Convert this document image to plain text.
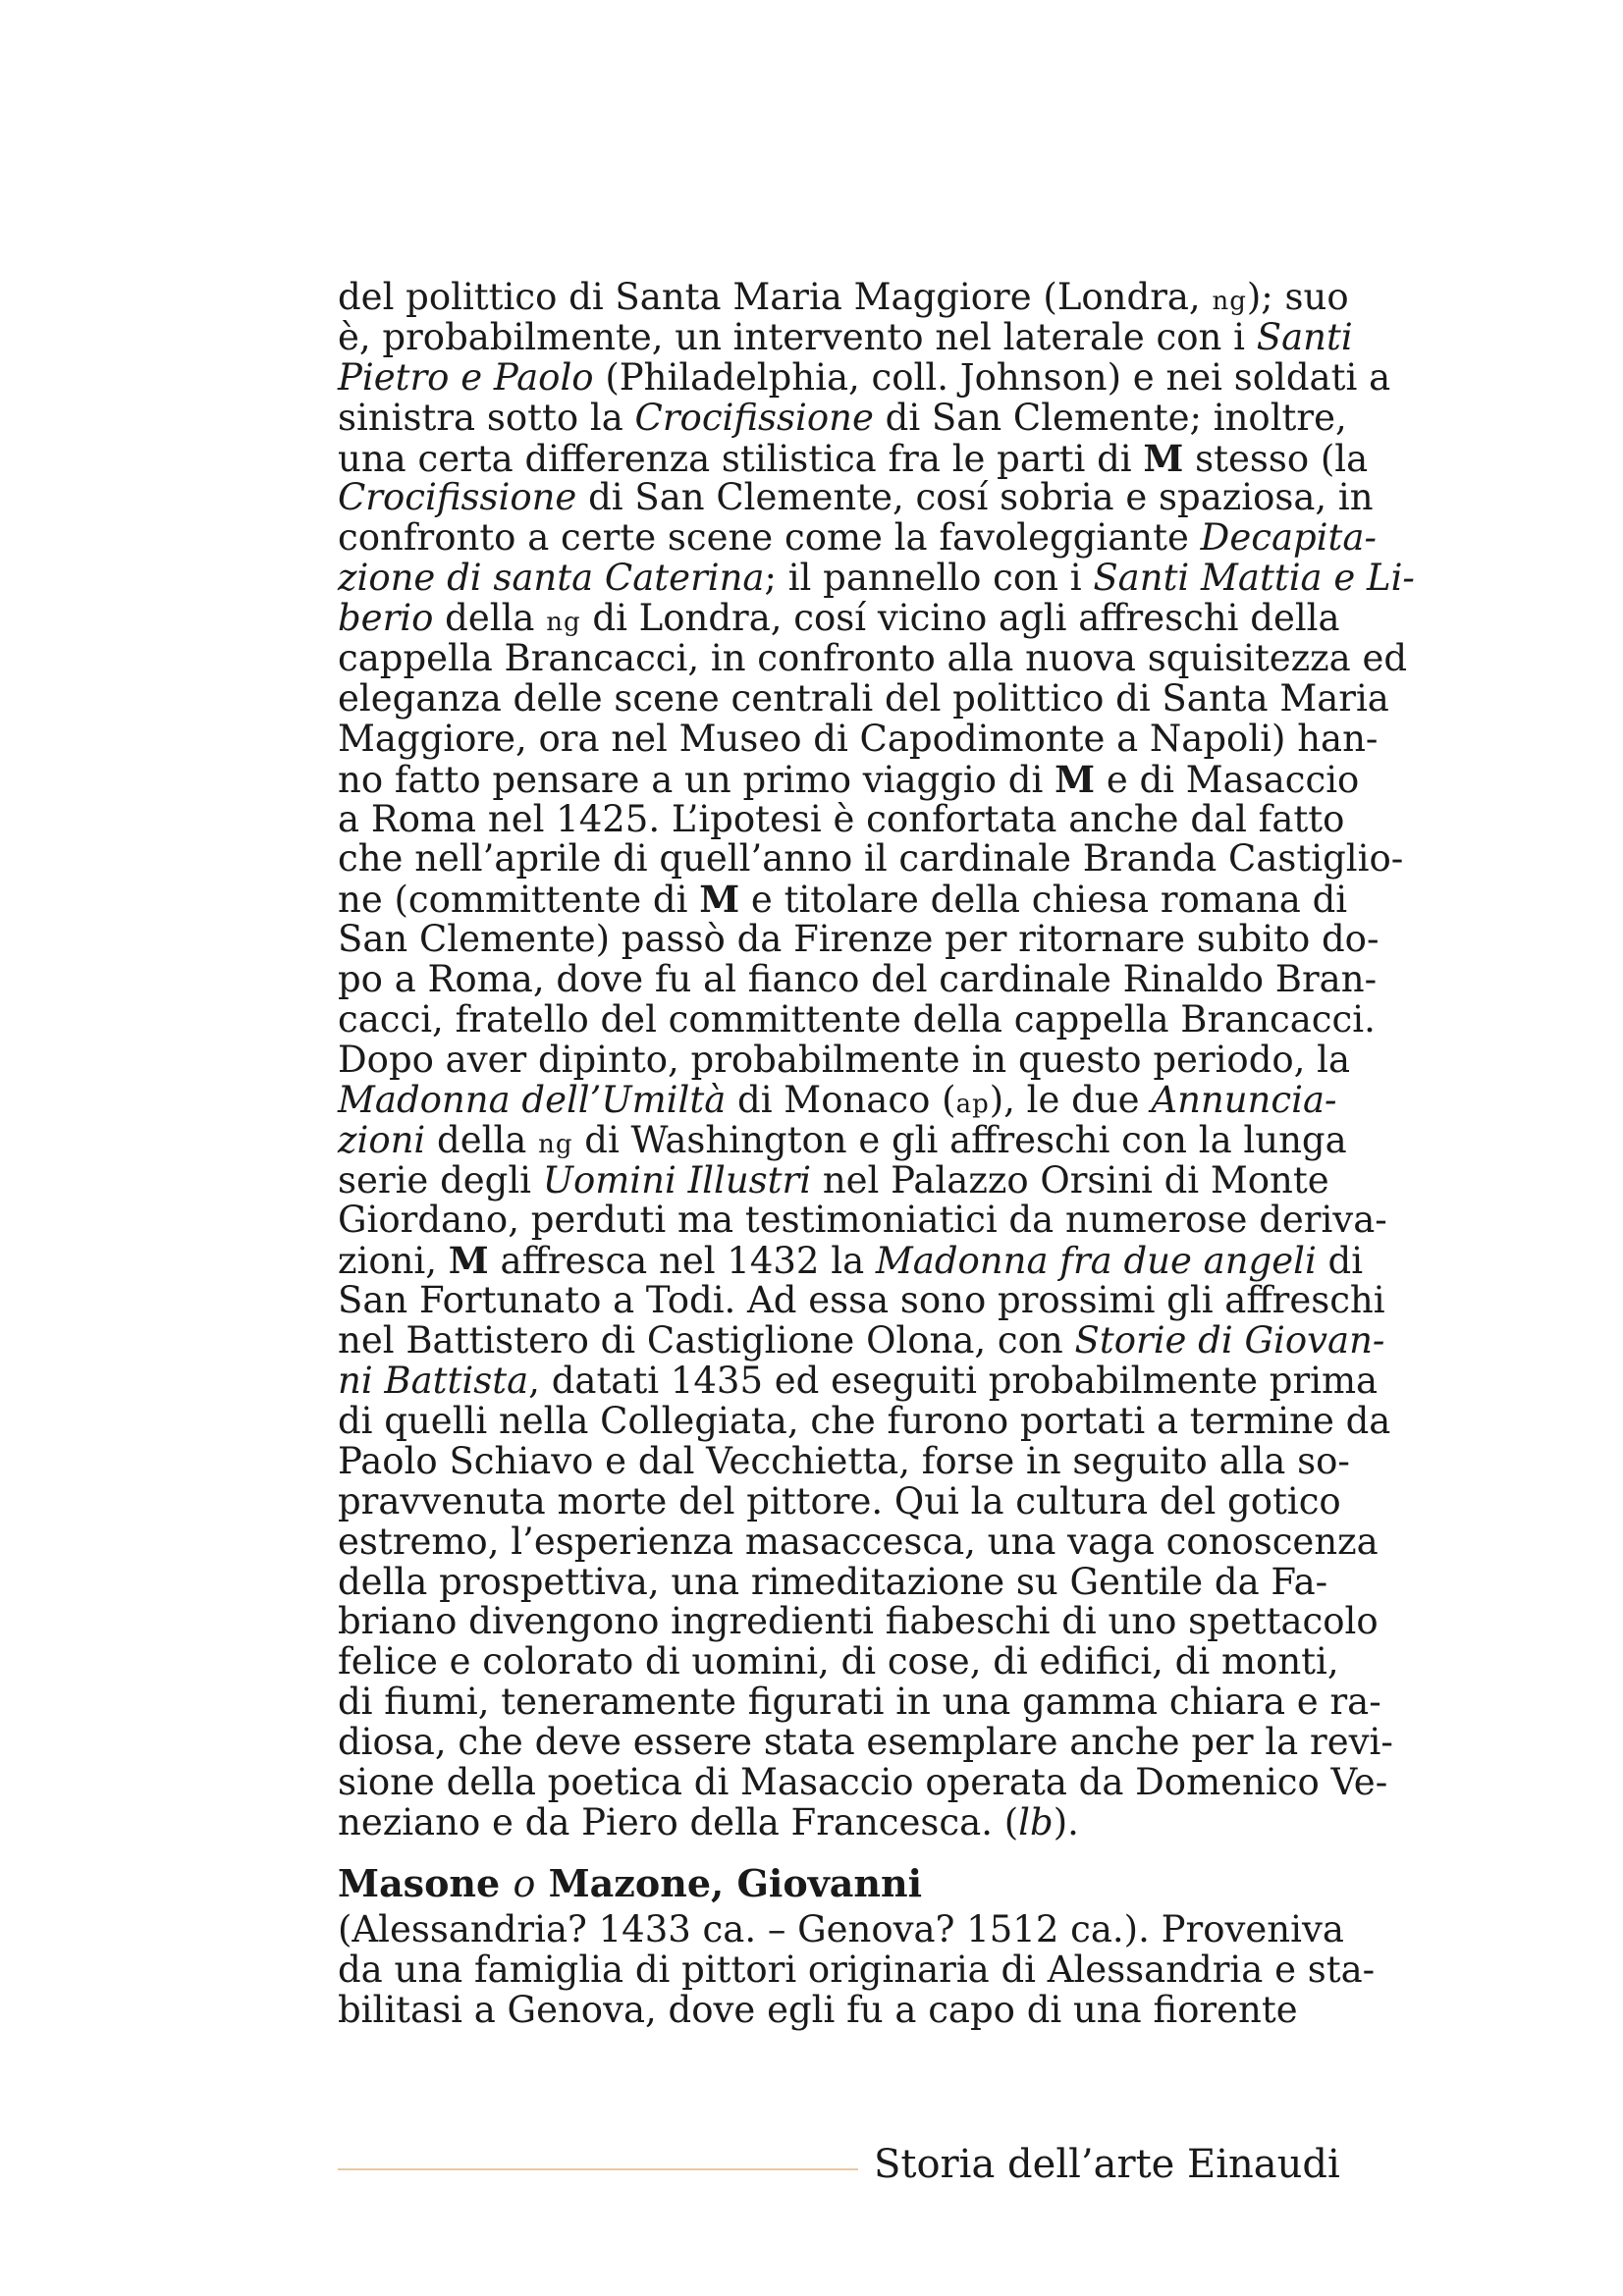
del polittico di Santa Maria Maggiore (Londra, ng); suo
è, probabilmente, un intervento nel laterale con i Santi
Pietro e Paolo (Philadelphia, coll. Johnson) e nei soldati a
sinistra sotto la Crocifissione di San Clemente; inoltre,
una certa differenza stilistica fra le parti di M stesso (la
Crocifissione di San Clemente, cosí sobria e spaziosa, in
confronto a certe scene come la favoleggiante Decapita-
zione di santa Caterina; il pannello con i Santi Mattia e Li-
berio della ng di Londra, cosí vicino agli affreschi della
cappella Brancacci, in confronto alla nuova squisitezza ed
eleganza delle scene centrali del polittico di Santa Maria
Maggiore, ora nel Museo di Capodimonte a Napoli) han-
no fatto pensare a un primo viaggio di M e di Masaccio
a Roma nel 1425. L’ipotesi è confortata anche dal fatto
che nell’aprile di quell’anno il cardinale Branda Castiglio-
ne (committente di M e titolare della chiesa romana di
San Clemente) passò da Firenze per ritornare subito do-
po a Roma, dove fu al fianco del cardinale Rinaldo Bran-
cacci, fratello del committente della cappella Brancacci.
Dopo aver dipinto, probabilmente in questo periodo, la
Madonna dell’Umiltà di Monaco (ap), le due Annuncia-
zioni della ng di Washington e gli affreschi con la lunga
serie degli Uomini Illustri nel Palazzo Orsini di Monte
Giordano, perduti ma testimoniatici da numerose deriva-
zioni, M affresca nel 1432 la Madonna fra due angeli di
San Fortunato a Todi. Ad essa sono prossimi gli affreschi
nel Battistero di Castiglione Olona, con Storie di Giovan-
ni Battista, datati 1435 ed eseguiti probabilmente prima
di quelli nella Collegiata, che furono portati a termine da
Paolo Schiavo e dal Vecchietta, forse in seguito alla so-
pravvenuta morte del pittore. Qui la cultura del gotico
estremo, l’esperienza masaccesca, una vaga conoscenza
della prospettiva, una rimeditazione su Gentile da Fa-
briano divengono ingredienti fiabeschi di uno spettacolo
felice e colorato di uomini, di cose, di edifici, di monti,
di fiumi, teneramente figurati in una gamma chiara e ra-
diosa, che deve essere stata esemplare anche per la revi-
sione della poetica di Masaccio operata da Domenico Ve-
neziano e da Piero della Francesca. (lb).
Masone o Mazone, Giovanni
(Alessandria? 1433 ca. – Genova? 1512 ca.). Proveniva
da una famiglia di pittori originaria di Alessandria e sta-
bilitasi a Genova, dove egli fu a capo di una fiorente
Storia dell’arte Einaudi
